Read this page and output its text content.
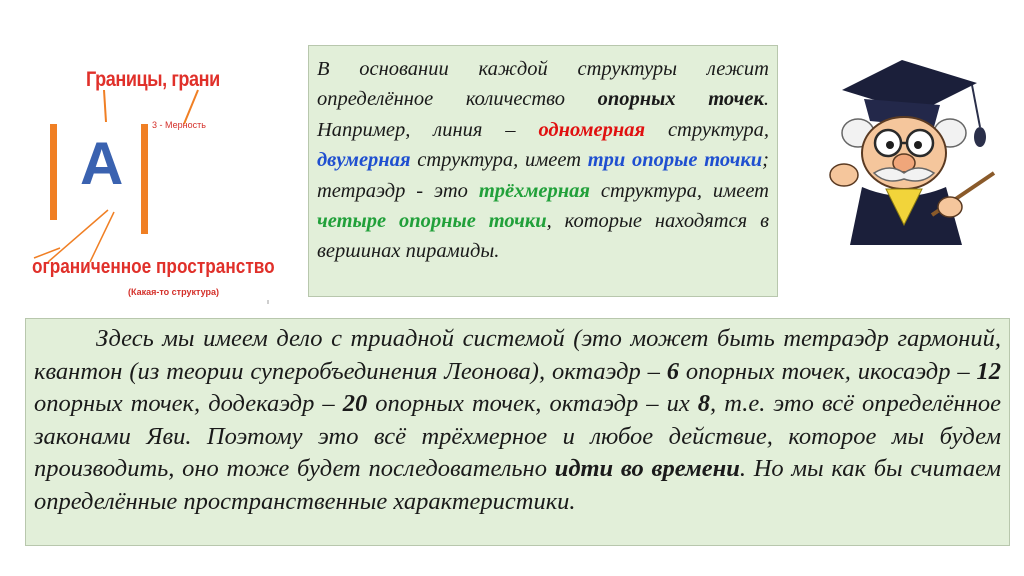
Границы, грани
A
3 - Мерность
ограниченное пространство
(Какая-то структура)

В основании каждой структуры лежит определённое количество опорных точек. Например, линия – одномерная структура, двумерная структура, имеет три опорые точки; тетраэдр - это трёхмерная структура, имеет четыре опорные точки, которые находятся в вершинах пирамиды.

Здесь мы имеем дело с триадной системой (это может быть тетраэдр гармоний, квантон (из теории суперобъединения Леонова), октаэдр – 6 опорных точек, икосаэдр – 12 опорных точек, додекаэдр – 20 опорных точек, октаэдр – их 8, т.е. это всё определённое законами Яви. Поэтому это всё трёхмерное и любое действие, которое мы будем производить, оно тоже будет последовательно идти во времени. Но мы как бы считаем определённые пространственные характеристики.
